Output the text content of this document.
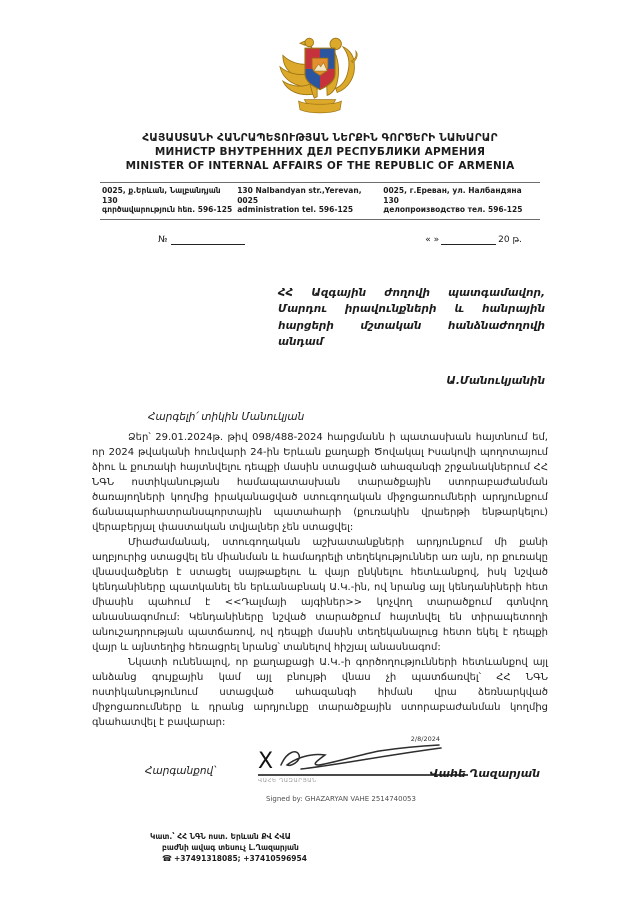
ՀԱՅԱՍՏԱՆԻ ՀԱՆՐԱՊԵՏՈՒԹՅԱՆ ՆԵՐՔԻՆ ԳՈՐԾԵՐԻ ՆԱԽԱՐԱՐ
МИНИСТР ВНУТРЕННИХ ДЕЛ РЕСПУБЛИКИ АРМЕНИЯ
MINISTER OF INTERNAL AFFAIRS OF THE REPUBLIC OF ARMENIA
0025, ք.Երևան, Նալբանդյան 130
գործավարություն հեռ. 596-125
130 Nalbandyan str.,Yerevan, 0025
administration tel. 596-125
0025, г.Ереван, ул. Налбандяна 130
делопроизводство тел. 596-125
№	« »	20
թ.
ՀՀ Ազգային ժողովի պատգամավոր, Մարդու իրավունքների և հանրային հարցերի մշտական հանձնաժողովի անդամ
Ա.Մանուկյանին
Հարգելի՛ տիկին Մանուկյան

Ձեր՝ 29.01.2024թ. թիվ 098/488-2024 հարցմանն ի պատասխան հայտնում եմ, որ 2024 թվականի հունվարի 24-ին Երևան քաղաքի Ծովակալ Իսակովի պողոտայում ձիու և քուռակի հայտնվելու դեպքի մասին ստացված ահազանգի շրջանակներում ՀՀ ՆԳՆ ոստիկանության համապատասխան տարածքային ստորաբաժանման ծառայողների կողմից իրականացված ստուգողական միջոցառումների արդյունքում ճանապարհատրանսպորտային պատահարի (քուռակին վրաերթի ենթարկելու) վերաբերյալ փաստական տվյալներ չեն ստացվել:

Միաժամանակ, ստուգողական աշխատանքների արդյունքում մի քանի աղբյուրից ստացվել են միանման և համադրելի տեղեկություններ առ այն, որ քուռակը վնասվածքներ է ստացել սայթաքելու և վայր ընկնելու հետևանքով, իսկ նշված կենդանիները պատկանել են երևանաբնակ Ա.Կ.-ին, ով նրանց այլ կենդանիների հետ միասին պահում է <<Դալմայի այգիներ>> կոչվող տարածքում գտնվող անասնագոմում: Կենդանիները նշված տարածքում հայտնվել են տիրապետողի անուշադրության պատճառով, ով դեպքի մասին տեղեկանալուց հետո եկել է դեպքի վայր և այնտեղից հեռացրել նրանց՝ տանելով հիշյալ անասնագոմ:

Նկատի ունենալով, որ քաղաքացի Ա.Կ.-ի գործողությունների հետևանքով այլ անձանց գույքային կամ այլ բնույթի վնաս չի պատճառվել՝ ՀՀ ՆԳՆ ոստիկանությունում ստացված ահազանգի հիման վրա ձեռնարկված միջոցառումները և դրանց արդյունքը տարածքային ստորաբաժանման կողմից գնահատվել է բավարար:

Հարգանքով՝
2/8/2024
X
ՎԱՀԵ ՂԱԶԱՐՅԱՆ
Signed by: GHAZARYAN VAHE 2514740053
Վահե Ղազարյան
Կատ.՝ ՀՀ ՆԳՆ ոստ. Երևան ՔՎ ՀՎԱ
բաժնի ավագ տեսուչ Լ.Ղազարյան
☎ +37491318085; +37410596954
